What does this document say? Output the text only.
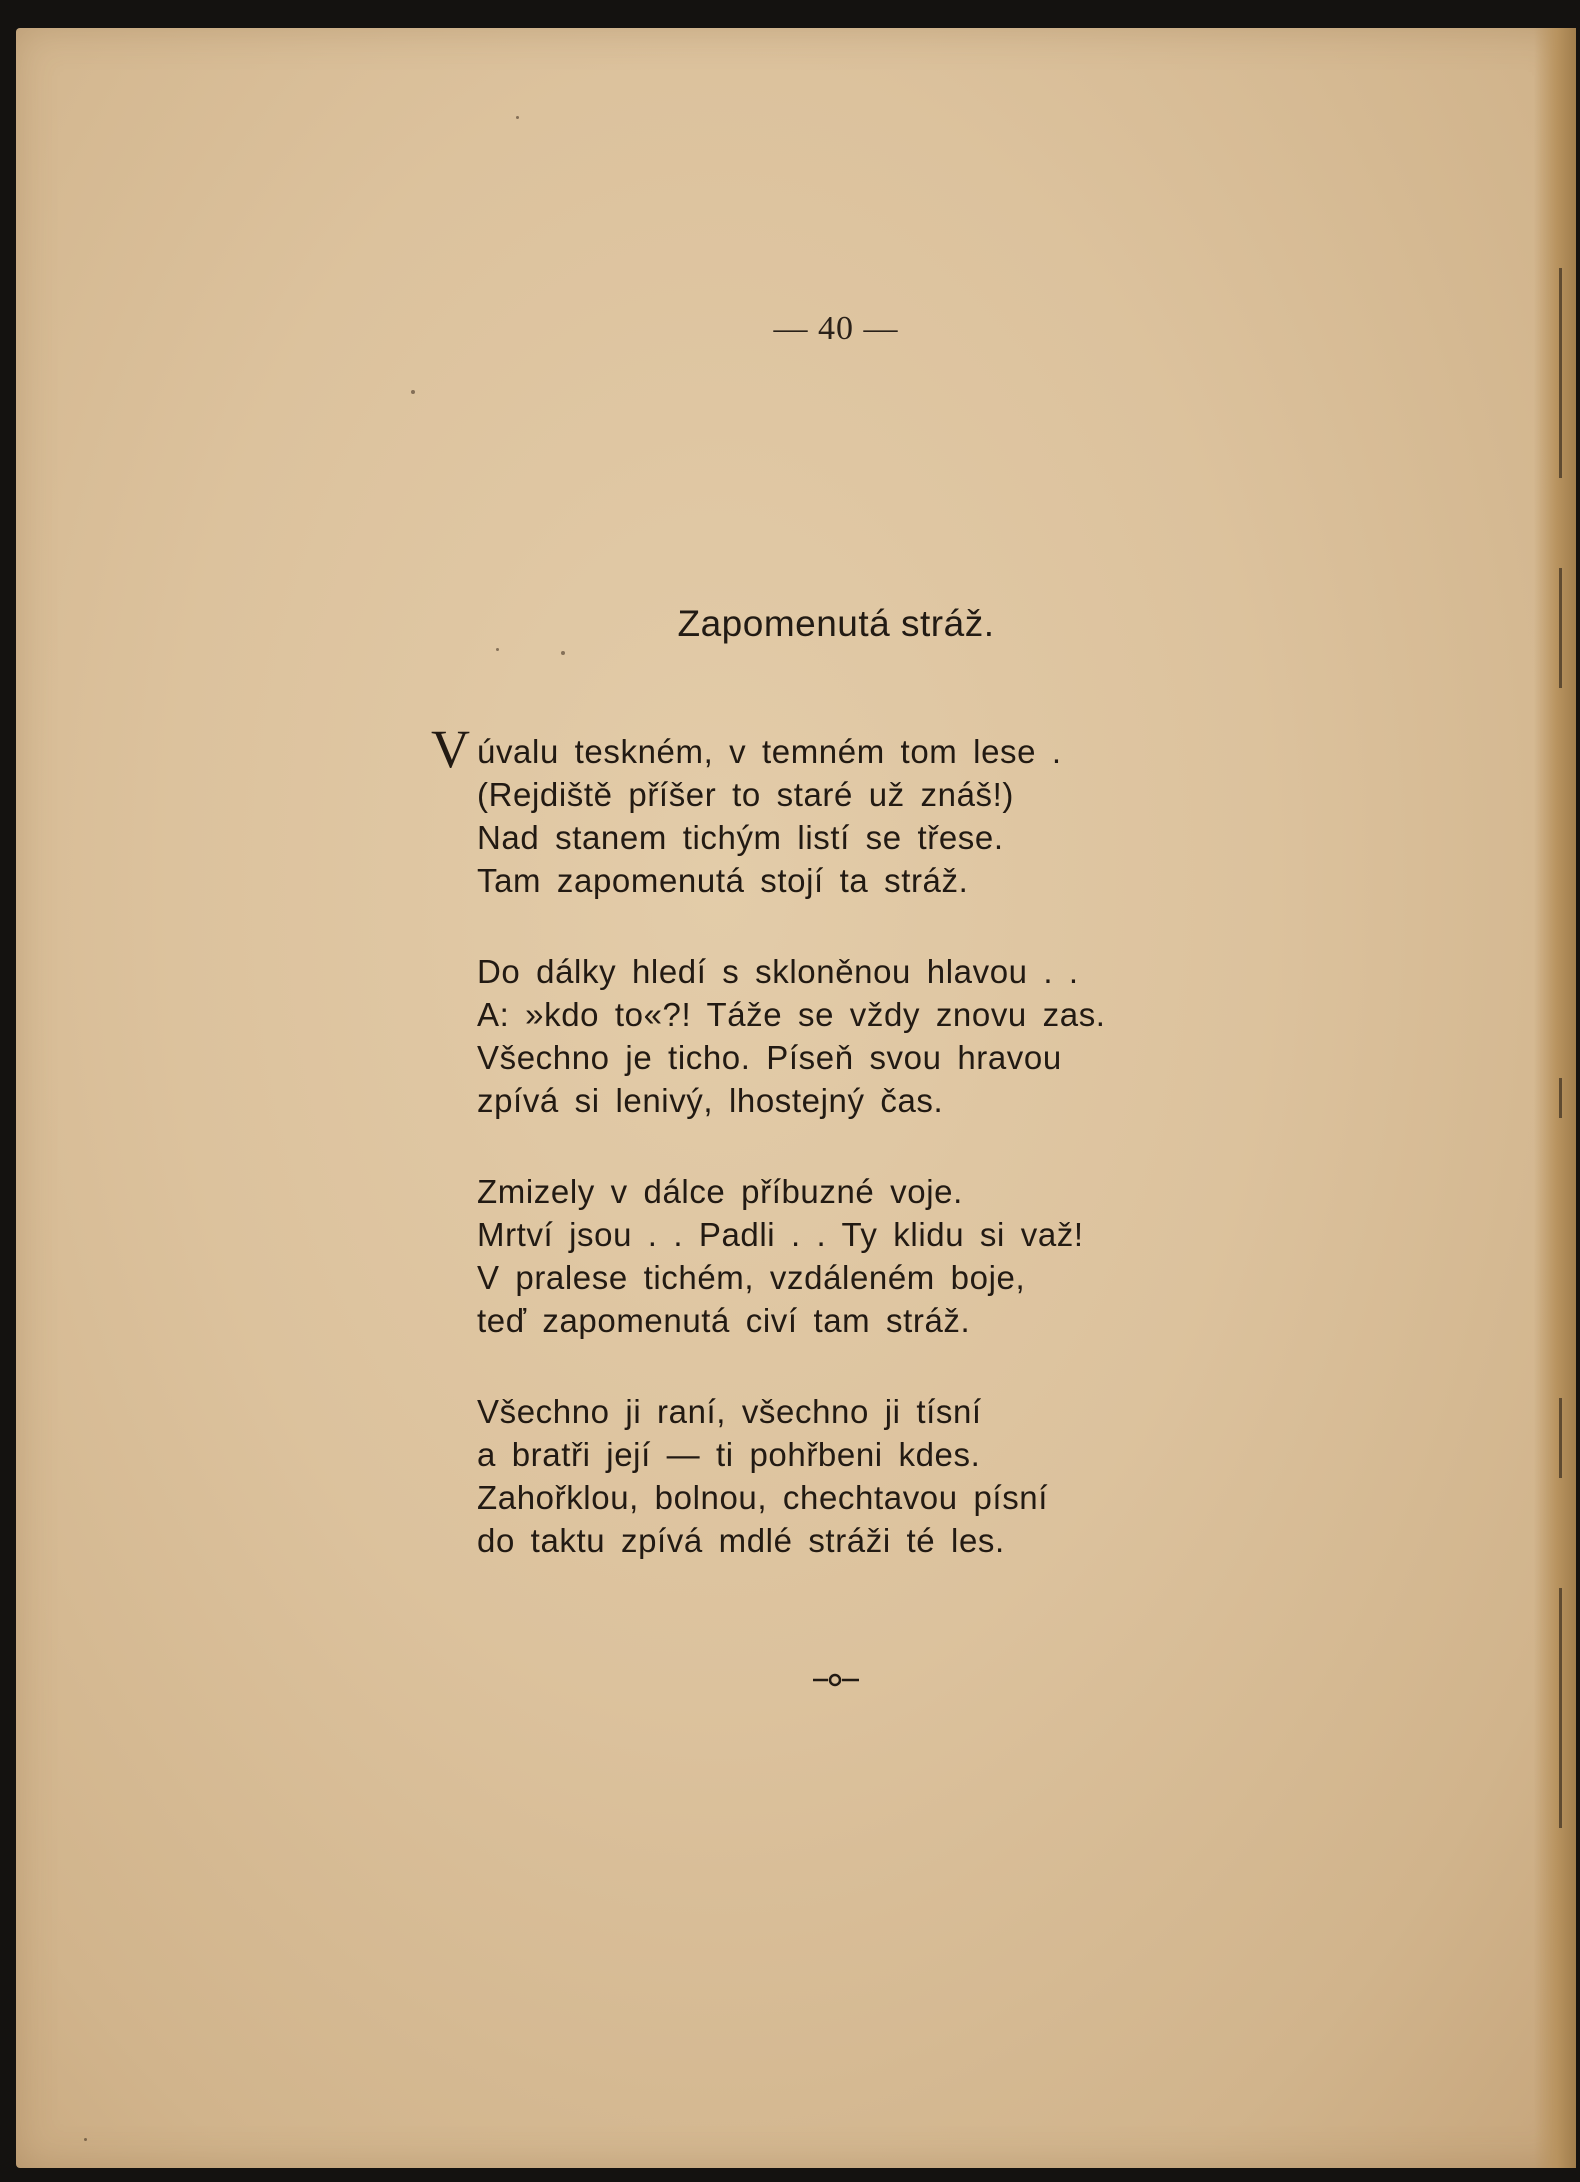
— 40 —
Zapomenutá stráž.
V úvalu teskném, v temném tom lese .
(Rejdiště příšer to staré už znáš!)
Nad stanem tichým listí se třese.
Tam zapomenutá stojí ta stráž.
Do dálky hledí s skloněnou hlavou . .
A: »kdo to«?! Táže se vždy znovu zas.
Všechno je ticho. Píseň svou hravou
zpívá si lenivý, lhostejný čas.
Zmizely v dálce příbuzné voje.
Mrtví jsou . . Padli . . Ty klidu si važ!
V pralese tichém, vzdáleném boje,
teď zapomenutá civí tam stráž.
Všechno ji raní, všechno ji tísní
a bratři její — ti pohřbeni kdes.
Zahořklou, bolnou, chechtavou písní
do taktu zpívá mdlé stráži té les.
